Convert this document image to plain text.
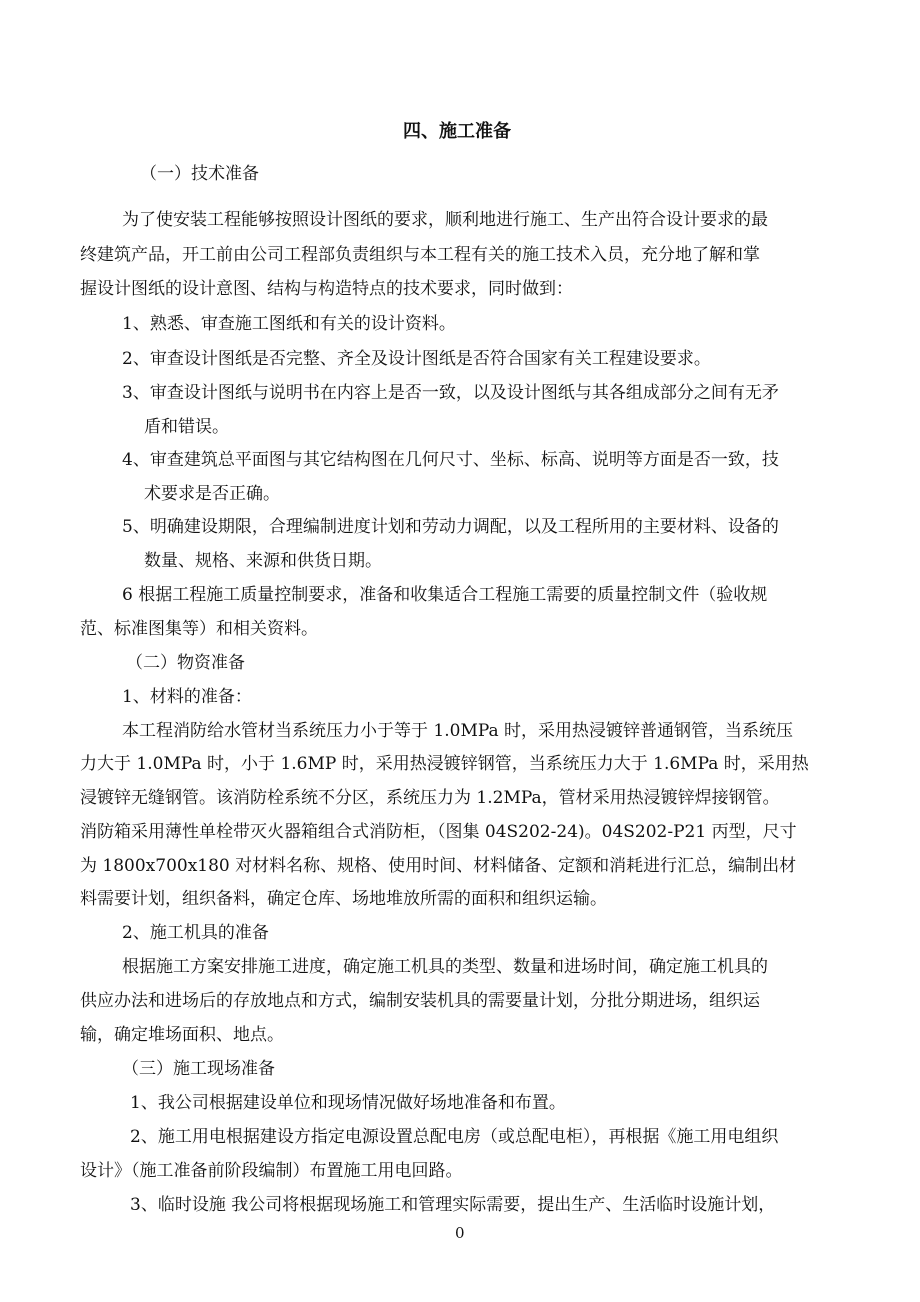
四、施工准备
（一）技术准备
为了使安装工程能够按照设计图纸的要求，顺利地进行施工、生产出符合设计要求的最
终建筑产品，开工前由公司工程部负责组织与本工程有关的施工技术入员，充分地了解和掌
握设计图纸的设计意图、结构与构造特点的技术要求，同时做到：
1、熟悉、审查施工图纸和有关的设计资料。
2、审查设计图纸是否完整、齐全及设计图纸是否符合国家有关工程建设要求。
3、审查设计图纸与说明书在内容上是否一致，以及设计图纸与其各组成部分之间有无矛
盾和错误。
4、审查建筑总平面图与其它结构图在几何尺寸、坐标、标高、说明等方面是否一致，技
术要求是否正确。
5、明确建设期限，合理编制进度计划和劳动力调配，以及工程所用的主要材料、设备的
数量、规格、来源和供货日期。
6 根据工程施工质量控制要求，准备和收集适合工程施工需要的质量控制文件（验收规
范、标准图集等）和相关资料。
（二）物资准备
1、材料的准备：
本工程消防给水管材当系统压力小于等于 1.0MPa 时，采用热浸镀锌普通钢管，当系统压
力大于 1.0MPa 时，小于 1.6MP 时，采用热浸镀锌钢管，当系统压力大于 1.6MPa 时，采用热
浸镀锌无缝钢管。该消防栓系统不分区，系统压力为 1.2MPa，管材采用热浸镀锌焊接钢管。
消防箱采用薄性单栓带灭火器箱组合式消防柜，（图集 04S202-24)。04S202-P21 丙型，尺寸
为 1800x700x180 对材料名称、规格、使用时间、材料储备、定额和消耗进行汇总，编制出材
料需要计划，组织备料，确定仓库、场地堆放所需的面积和组织运输。
2、施工机具的准备
根据施工方案安排施工进度，确定施工机具的类型、数量和进场时间，确定施工机具的
供应办法和进场后的存放地点和方式，编制安装机具的需要量计划，分批分期进场，组织运
输，确定堆场面积、地点。
（三）施工现场准备
1、我公司根据建设单位和现场情况做好场地准备和布置。
2、施工用电根据建设方指定电源设置总配电房（或总配电柜），再根据《施工用电组织
设计》（施工准备前阶段编制）布置施工用电回路。
3、临时设施 我公司将根据现场施工和管理实际需要，提出生产、生活临时设施计划，
0
